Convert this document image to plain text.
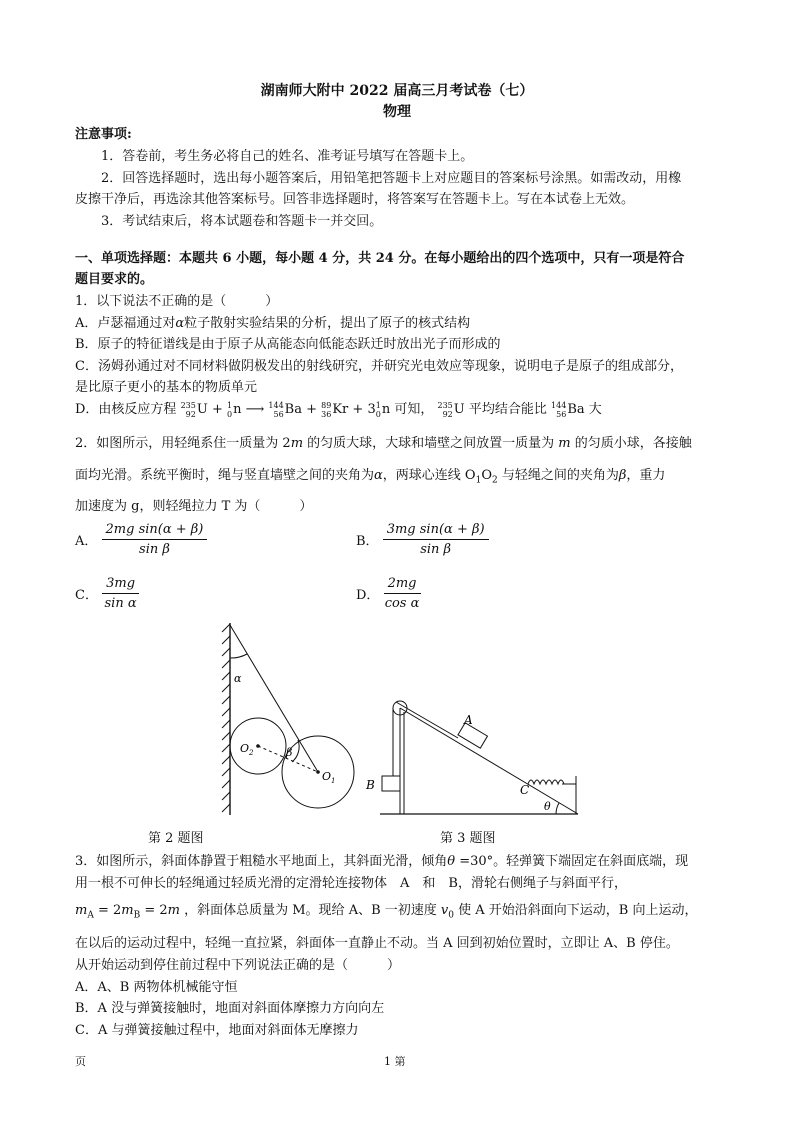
湖南师大附中 2022 届高三月考试卷（七）
物理
注意事项:
1．答卷前，考生务必将自己的姓名、准考证号填写在答题卡上。
2．回答选择题时，选出每小题答案后，用铅笔把答题卡上对应题目的答案标号涂黑。如需改动，用橡
皮擦干净后，再选涂其他答案标号。回答非选择题时，将答案写在答题卡上。写在本试卷上无效。
3．考试结束后，将本试题卷和答题卡一并交回。
一、单项选择题：本题共 6 小题，每小题 4 分，共 24 分。在每小题给出的四个选项中，只有一项是符合
题目要求的。
1．以下说法不正确的是（　　　）
A．卢瑟福通过对α粒子散射实验结果的分析，提出了原子的核式结构
B．原子的特征谱线是由于原子从高能态向低能态跃迁时放出光子而形成的
C．汤姆孙通过对不同材料做阴极发出的射线研究，并研究光电效应等现象，说明电子是原子的组成部分，
是比原子更小的基本的物质单元
D．由核反应方程 235
92U + 1
0n ⟶ 144
56Ba + 89
36Kr + 31
0n 可知， 235
92U 平均结合能比 144
56Ba 大
2．如图所示，用轻绳系住一质量为 2m 的匀质大球，大球和墙壁之间放置一质量为 m 的匀质小球，各接触
面均光滑。系统平衡时，绳与竖直墙壁之间的夹角为α，两球心连线 $O_1O_2$ 与轻绳之间的夹角为β，重力
加速度为 g，则轻绳拉力 T 为（　　　）
A． $\frac{\text{2mg sin(α + β)}}{\text{sin β}}$	B． $\frac{\text{3mg sin(α + β)}}{\text{sin β}}$
C． $\frac{3mg}{\text{sin α}}$	D． $\frac{2mg}{\text{cos α}}$
α
β
$O_2$
$O_1$
第 2 题图
A
B	C
θ
第 3 题图
3．如图所示，斜面体静置于粗糙水平地面上，其斜面光滑，倾角θ =30°。轻弹簧下端固定在斜面底端，现
用一根不可伸长的轻绳通过轻质光滑的定滑轮连接物体　A　和　B，滑轮右侧绳子与斜面平行，
$m_A = 2m_B = 2m$ ，斜面体总质量为 M。现给 A、B 一初速度 $v_0$ 使 A 开始沿斜面向下运动，B 向上运动，
在以后的运动过程中，轻绳一直拉紧，斜面体一直静止不动。当 A 回到初始位置时，立即让 A、B 停住。
从开始运动到停住前过程中下列说法正确的是（　　　）
A．A、B 两物体机械能守恒
B．A 没与弹簧接触时，地面对斜面体摩擦力方向向左
C．A 与弹簧接触过程中，地面对斜面体无摩擦力
页	1 第
